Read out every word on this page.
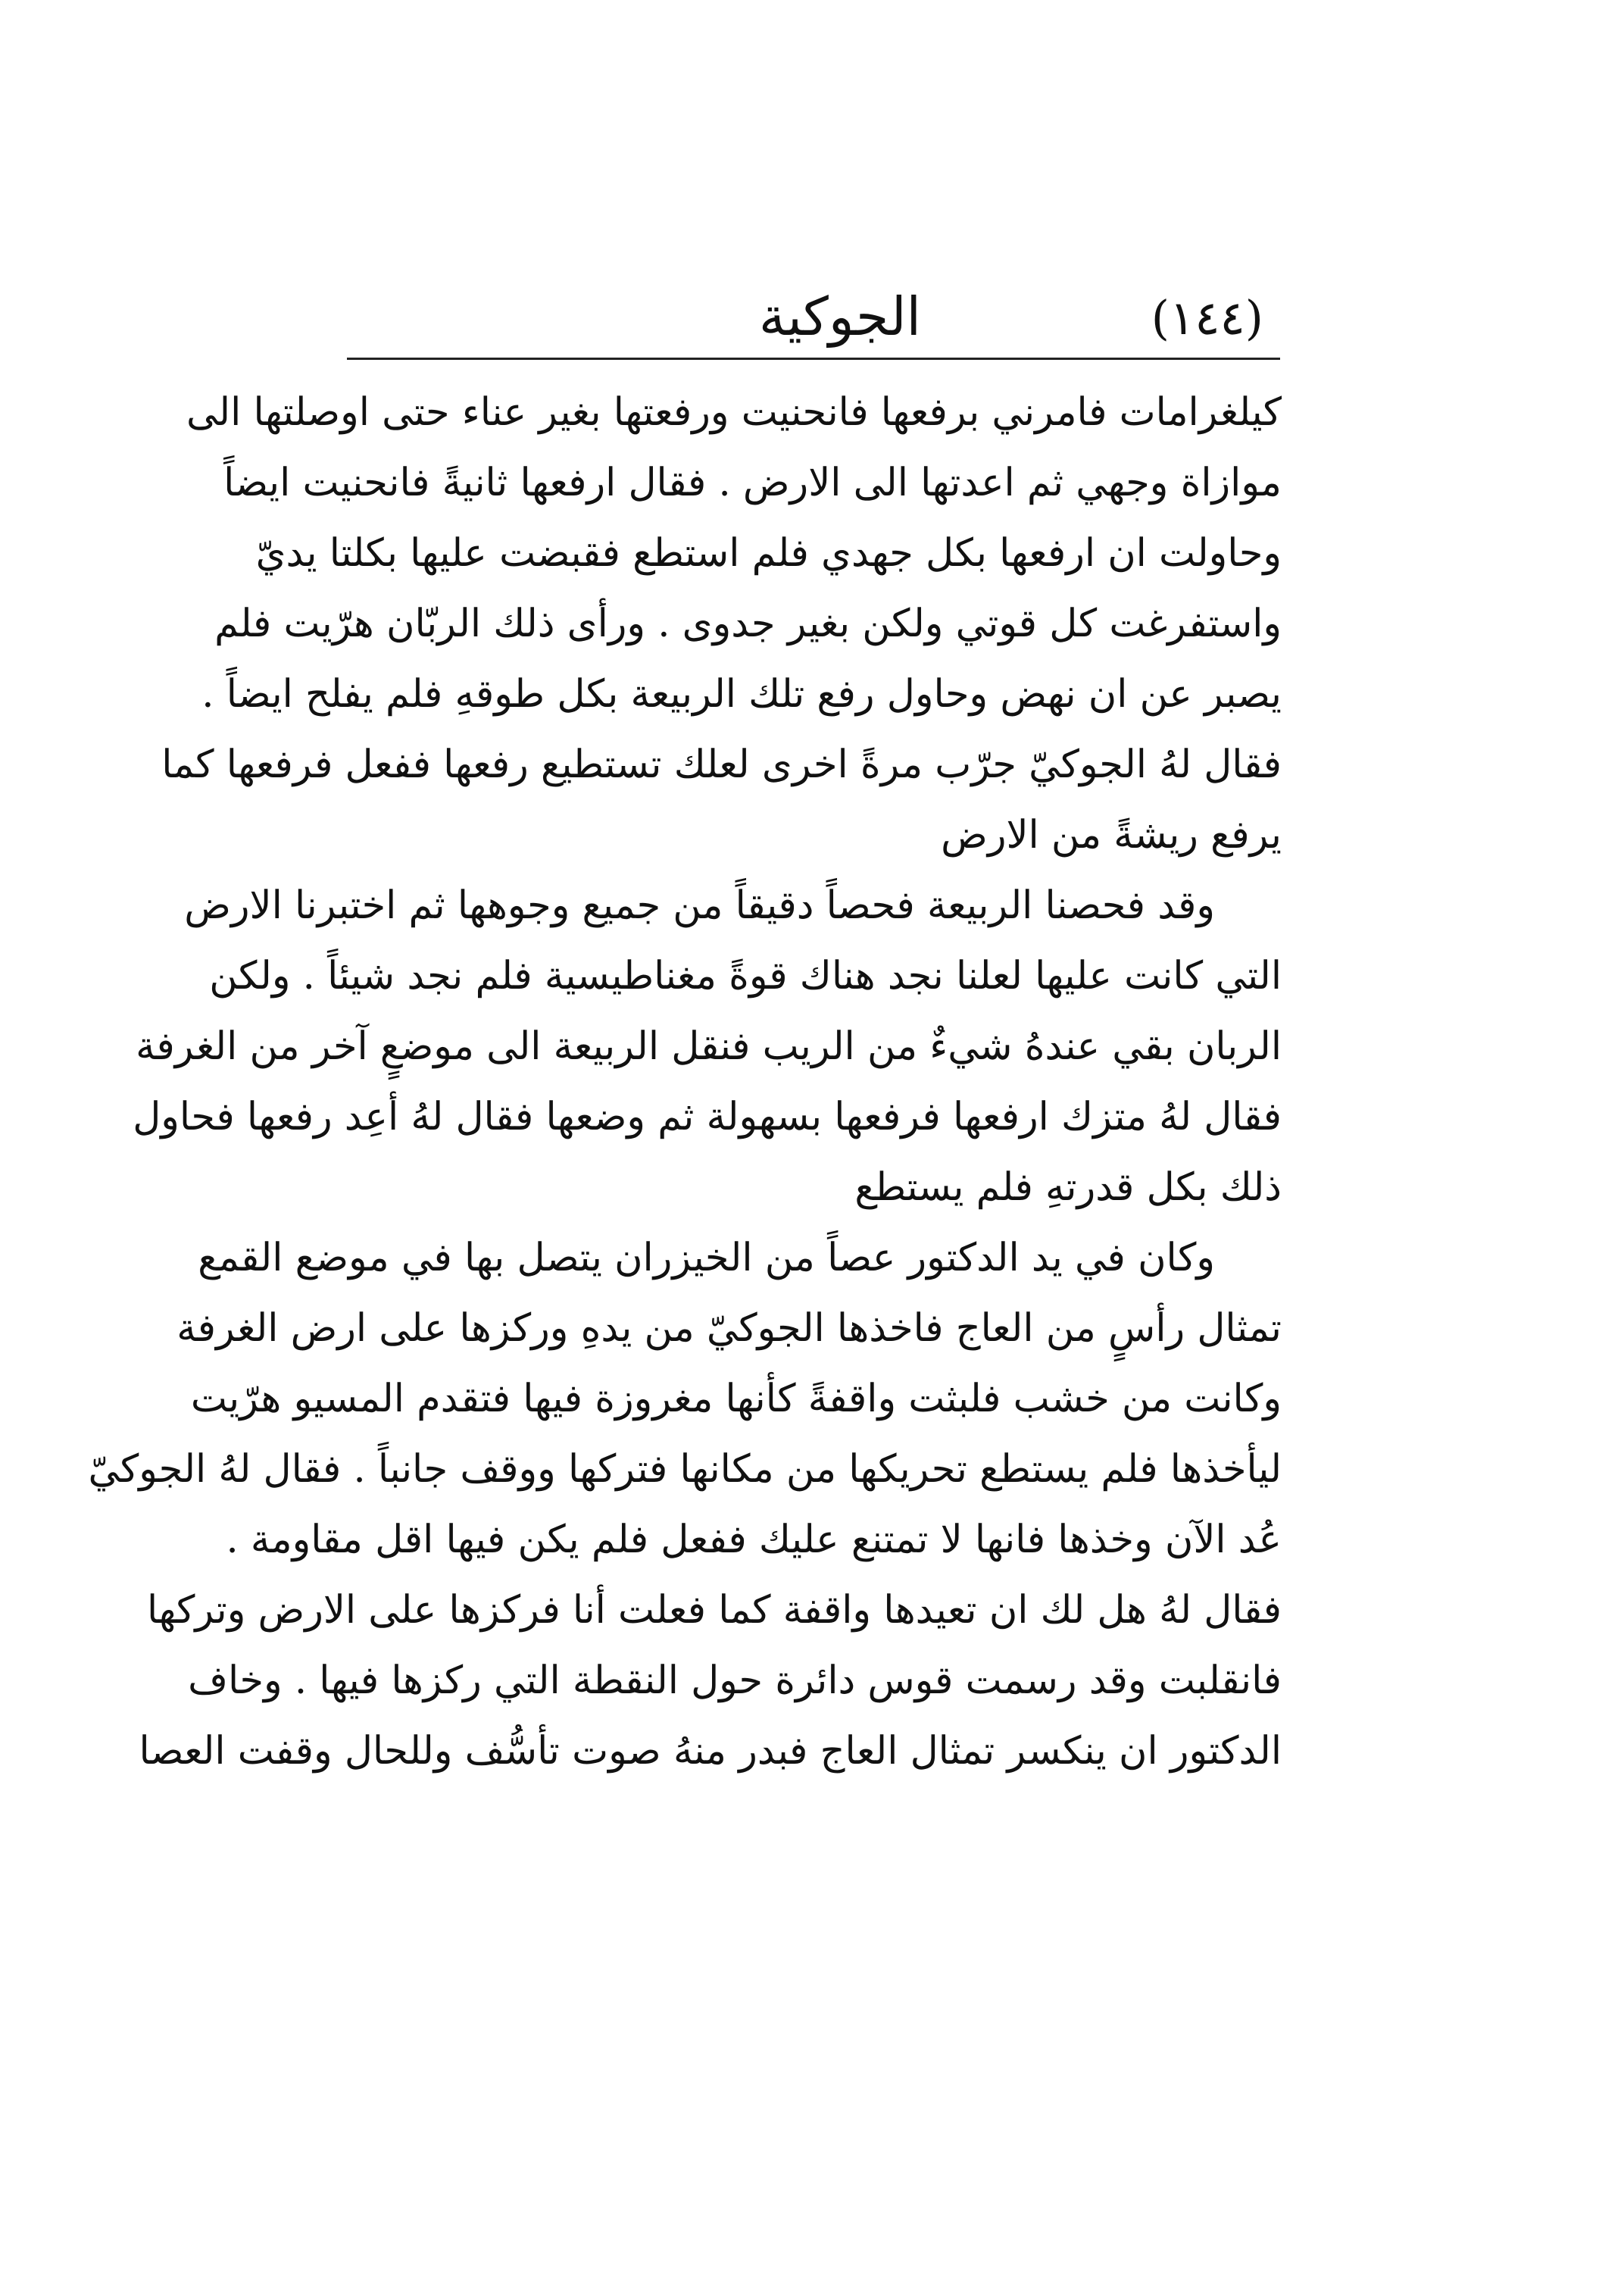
(١٤٤)
الجوكية
كيلغرامات فامرني برفعها فانحنيت ورفعتها بغير عناء حتى اوصلتها الى
موازاة وجهي ثم اعدتها الى الارض . فقال ارفعها ثانيةً فانحنيت ايضاً
وحاولت ان ارفعها بكل جهدي فلم استطع فقبضت عليها بكلتا يديّ
واستفرغت كل قوتي ولكن بغير جدوى . ورأى ذلك الربّان هرّيت فلم
يصبر عن ان نهض وحاول رفع تلك الربيعة بكل طوقهِ فلم يفلح ايضاً .
فقال لهُ الجوكيّ جرّب مرةً اخرى لعلك تستطيع رفعها ففعل فرفعها كما
يرفع ريشةً من الارض
وقد فحصنا الربيعة فحصاً دقيقاً من جميع وجوهها ثم اختبرنا الارض
التي كانت عليها لعلنا نجد هناك قوةً مغناطيسية فلم نجد شيئاً . ولكن
الربان بقي عندهُ شيءٌ من الريب فنقل الربيعة الى موضعٍ آخر من الغرفة
فقال لهُ متزك ارفعها فرفعها بسهولة ثم وضعها فقال لهُ أعِد رفعها فحاول
ذلك بكل قدرتهِ فلم يستطع
وكان في يد الدكتور عصاً من الخيزران يتصل بها في موضع القمع
تمثال رأسٍ من العاج فاخذها الجوكيّ من يدهِ وركزها على ارض الغرفة
وكانت من خشب فلبثت واقفةً كأنها مغروزة فيها فتقدم المسيو هرّيت
ليأخذها فلم يستطع تحريكها من مكانها فتركها ووقف جانباً . فقال لهُ الجوكيّ
عُد الآن وخذها فانها لا تمتنع عليك ففعل فلم يكن فيها اقل مقاومة .
فقال لهُ هل لك ان تعيدها واقفة كما فعلت أنا فركزها على الارض وتركها
فانقلبت وقد رسمت قوس دائرة حول النقطة التي ركزها فيها . وخاف
الدكتور ان ينكسر تمثال العاج فبدر منهُ صوت تأسُّف وللحال وقفت العصا
